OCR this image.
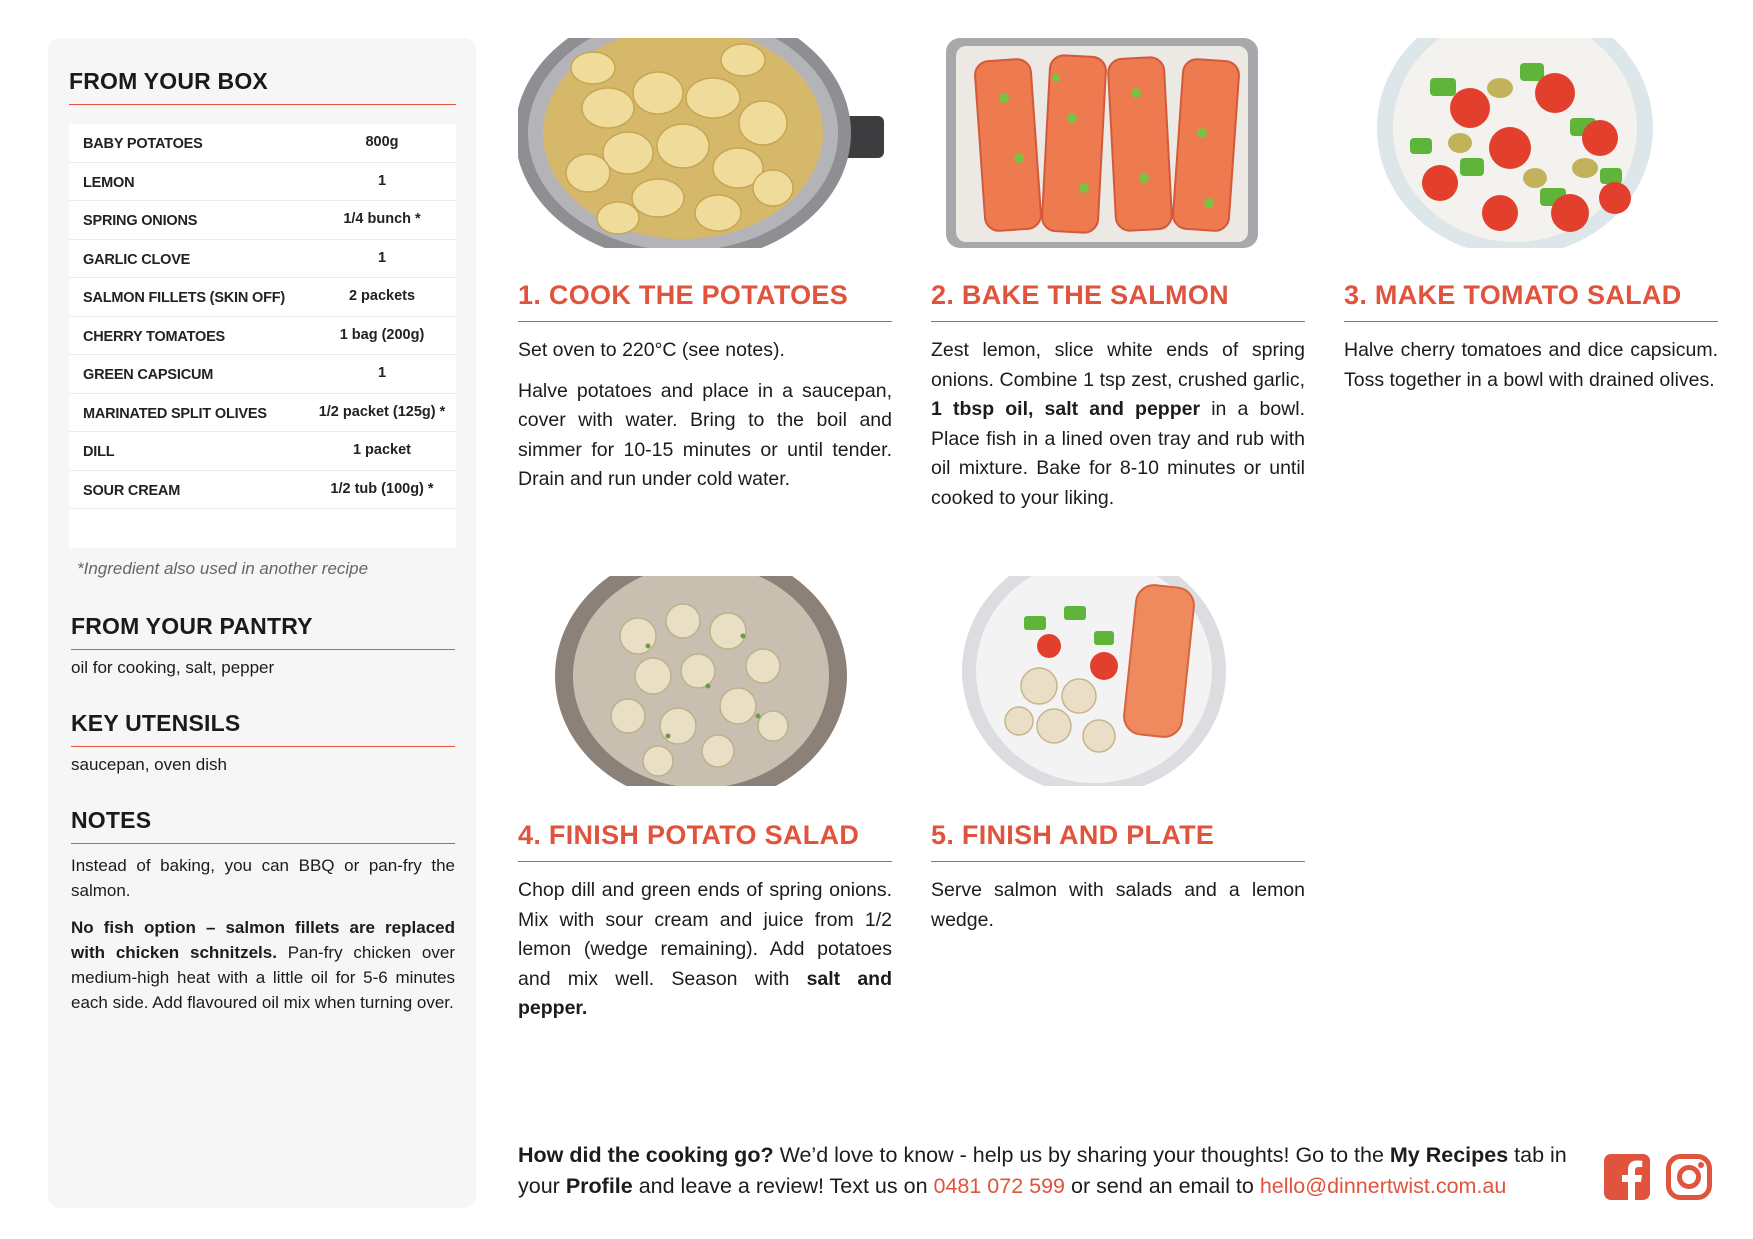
FROM YOUR BOX
BABY POTATOES	800g
LEMON	1
SPRING ONIONS	1/4 bunch *
GARLIC CLOVE	1
SALMON FILLETS (SKIN OFF)	2 packets
CHERRY TOMATOES	1 bag (200g)
GREEN CAPSICUM	1
MARINATED SPLIT OLIVES	1/2 packet (125g) *
DILL	1 packet
SOUR CREAM	1/2 tub (100g) *
*Ingredient also used in another recipe
FROM YOUR PANTRY
oil for cooking, salt, pepper
KEY UTENSILS
saucepan, oven dish
NOTES
Instead of baking, you can BBQ or pan-fry the salmon.
No fish option – salmon fillets are replaced with chicken schnitzels. Pan-fry chicken over medium-high heat with a little oil for 5-6 minutes each side. Add flavoured oil mix when turning over.
1. COOK THE POTATOES

Set oven to 220°C (see notes).

Halve potatoes and place in a saucepan, cover with water. Bring to the boil and simmer for 10-15 minutes or until tender. Drain and run under cold water.

2. BAKE THE SALMON

Zest lemon, slice white ends of spring onions. Combine 1 tsp zest, crushed garlic, 1 tbsp oil, salt and pepper in a bowl. Place fish in a lined oven tray and rub with oil mixture. Bake for 8-10 minutes or until cooked to your liking.

3. MAKE TOMATO SALAD

Halve cherry tomatoes and dice capsicum. Toss together in a bowl with drained olives.

4. FINISH POTATO SALAD

Chop dill and green ends of spring onions. Mix with sour cream and juice from 1/2 lemon (wedge remaining). Add potatoes and mix well. Season with salt and pepper.

5. FINISH AND PLATE

Serve salmon with salads and a lemon wedge.

How did the cooking go? We’d love to know - help us by sharing your thoughts! Go to the My Recipes tab in your Profile and leave a review! Text us on 0481 072 599 or send an email to hello@dinnertwist.com.au
